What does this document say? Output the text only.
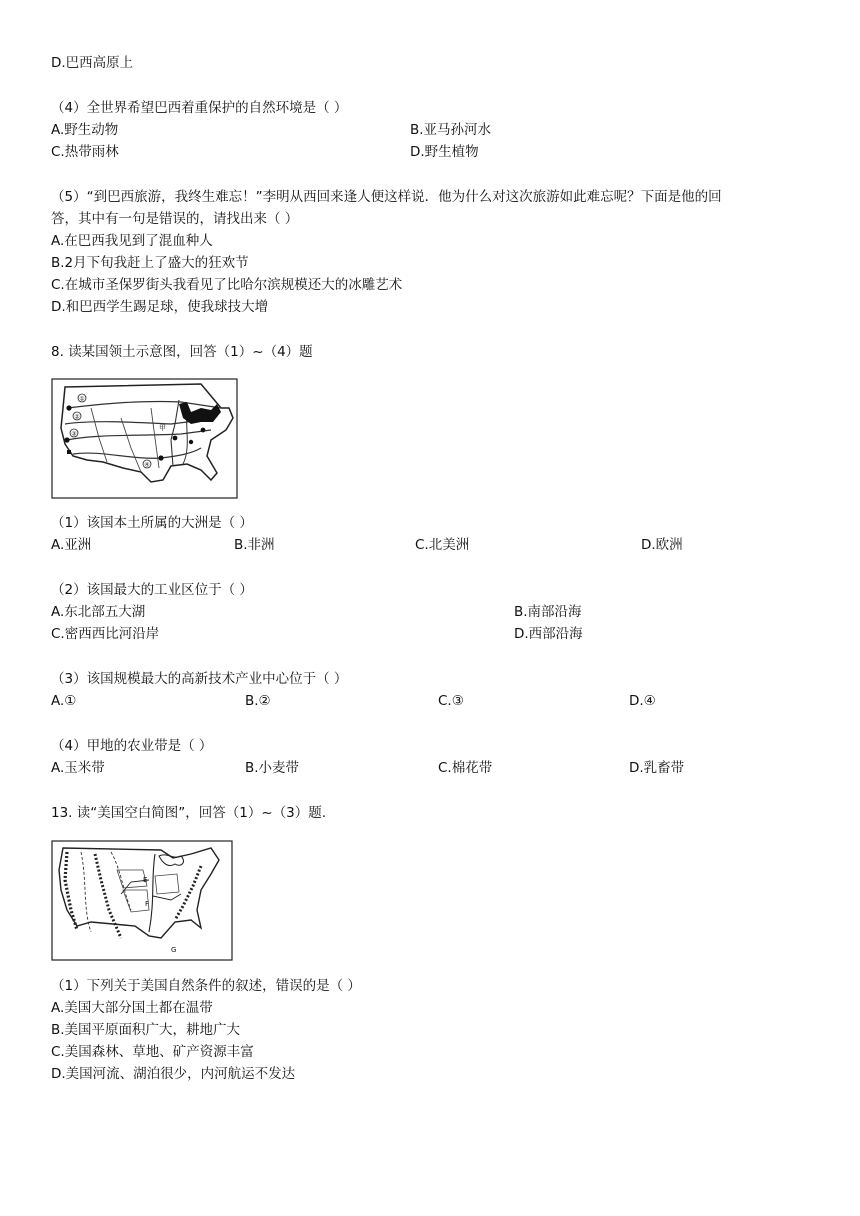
D.巴西高原上
（4）全世界希望巴西着重保护的自然环境是（ ）
A.野生动物	B.亚马孙河水
C.热带雨林	D.野生植物
（5）“到巴西旅游，我终生难忘！”李明从西回来逢人便这样说．他为什么对这次旅游如此难忘呢？下面是他的回
答，其中有一句是错误的，请找出来（ ）
A.在巴西我见到了混血种人
B.2月下旬我赶上了盛大的狂欢节
C.在城市圣保罗街头我看见了比哈尔滨规模还大的冰雕艺术
D.和巴西学生踢足球，使我球技大增
8. 读某国领土示意图，回答（1）~（4）题
①
②
③
④
甲
（1）该国本土所属的大洲是（ ）
A.亚洲	B.非洲	C.北美洲	D.欧洲
（2）该国最大的工业区位于（ ）
A.东北部五大湖	B.南部沿海
C.密西西比河沿岸	D.西部沿海
（3）该国规模最大的高新技术产业中心位于（ ）
A.①	B.②	C.③	D.④
（4）甲地的农业带是（ ）
A.玉米带	B.小麦带	C.棉花带	D.乳畜带
13. 读“美国空白简图”，回答（1）~（3）题.
E
F
G
（1）下列关于美国自然条件的叙述，错误的是（ ）
A.美国大部分国土都在温带
B.美国平原面积广大，耕地广大
C.美国森林、草地、矿产资源丰富
D.美国河流、湖泊很少，内河航运不发达
